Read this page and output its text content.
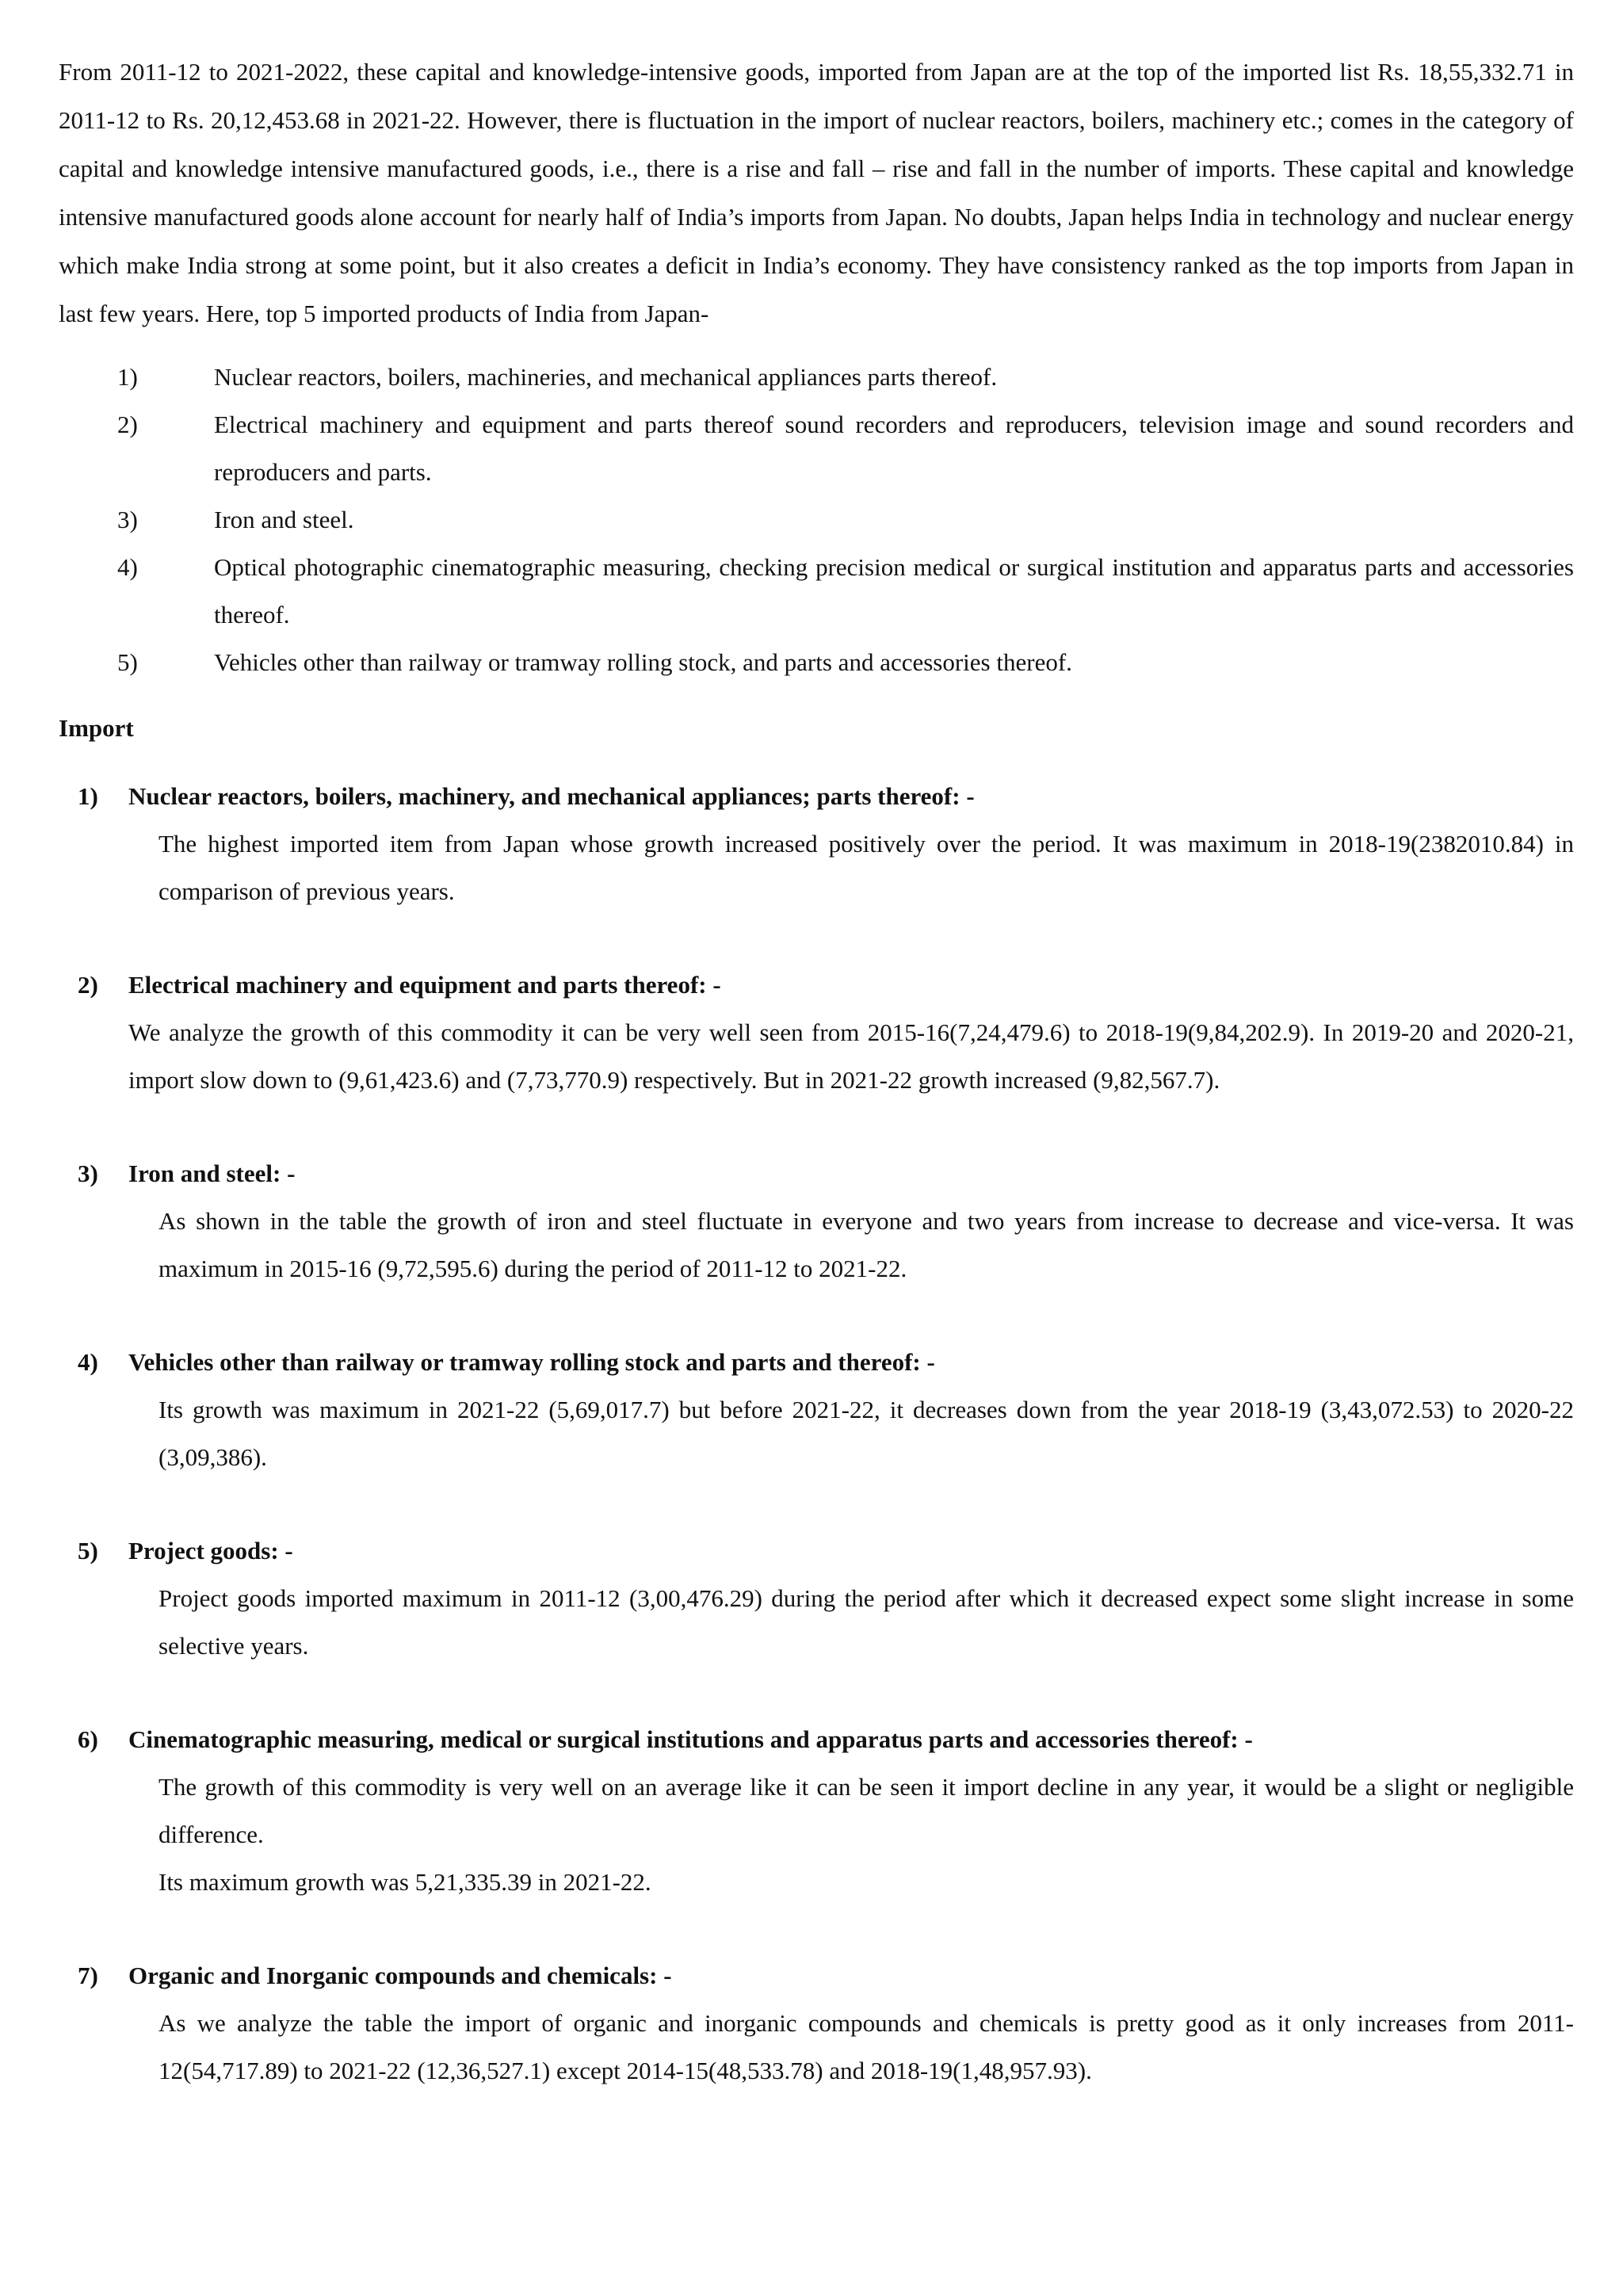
From 2011-12 to 2021-2022, these capital and knowledge-intensive goods, imported from Japan are at the top of the imported list Rs. 18,55,332.71 in 2011-12 to Rs. 20,12,453.68 in 2021-22. However, there is fluctuation in the import of nuclear reactors, boilers, machinery etc.; comes in the category of capital and knowledge intensive manufactured goods, i.e., there is a rise and fall – rise and fall in the number of imports. These capital and knowledge intensive manufactured goods alone account for nearly half of India’s imports from Japan. No doubts, Japan helps India in technology and nuclear energy which make India strong at some point, but it also creates a deficit in India’s economy. They have consistency ranked as the top imports from Japan in last few years. Here, top 5 imported products of India from Japan-

1)	Nuclear reactors, boilers, machineries, and mechanical appliances parts thereof.
2)	Electrical machinery and equipment and parts thereof sound recorders and reproducers, television image and sound recorders and reproducers and parts.
3)	Iron and steel.
4)	Optical photographic cinematographic measuring, checking precision medical or surgical institution and apparatus parts and accessories thereof.
5)	Vehicles other than railway or tramway rolling stock, and parts and accessories thereof.

Import

1)	Nuclear reactors, boilers, machinery, and mechanical appliances; parts thereof: -

The highest imported item from Japan whose growth increased positively over the period. It was maximum in 2018-19(2382010.84) in comparison of previous years.

2)	Electrical machinery and equipment and parts thereof: -

We analyze the growth of this commodity it can be very well seen from 2015-16(7,24,479.6) to 2018-19(9,84,202.9). In 2019-20 and 2020-21, import slow down to (9,61,423.6) and (7,73,770.9) respectively. But in 2021-22 growth increased (9,82,567.7).

3)	Iron and steel: -

As shown in the table the growth of iron and steel fluctuate in everyone and two years from increase to decrease and vice-versa. It was maximum in 2015-16 (9,72,595.6) during the period of 2011-12 to 2021-22.

4)	Vehicles other than railway or tramway rolling stock and parts and thereof: -

Its growth was maximum in 2021-22 (5,69,017.7) but before 2021-22, it decreases down from the year 2018-19 (3,43,072.53) to 2020-22 (3,09,386).

5)	Project goods: -

Project goods imported maximum in 2011-12 (3,00,476.29) during the period after which it decreased expect some slight increase in some selective years.

6)	Cinematographic measuring, medical or surgical institutions and apparatus parts and accessories thereof: -

The growth of this commodity is very well on an average like it can be seen it import decline in any year, it would be a slight or negligible difference.

Its maximum growth was 5,21,335.39 in 2021-22.

7)	Organic and Inorganic compounds and chemicals: -

As we analyze the table the import of organic and inorganic compounds and chemicals is pretty good as it only increases from 2011-12(54,717.89) to 2021-22 (12,36,527.1) except 2014-15(48,533.78) and 2018-19(1,48,957.93).
